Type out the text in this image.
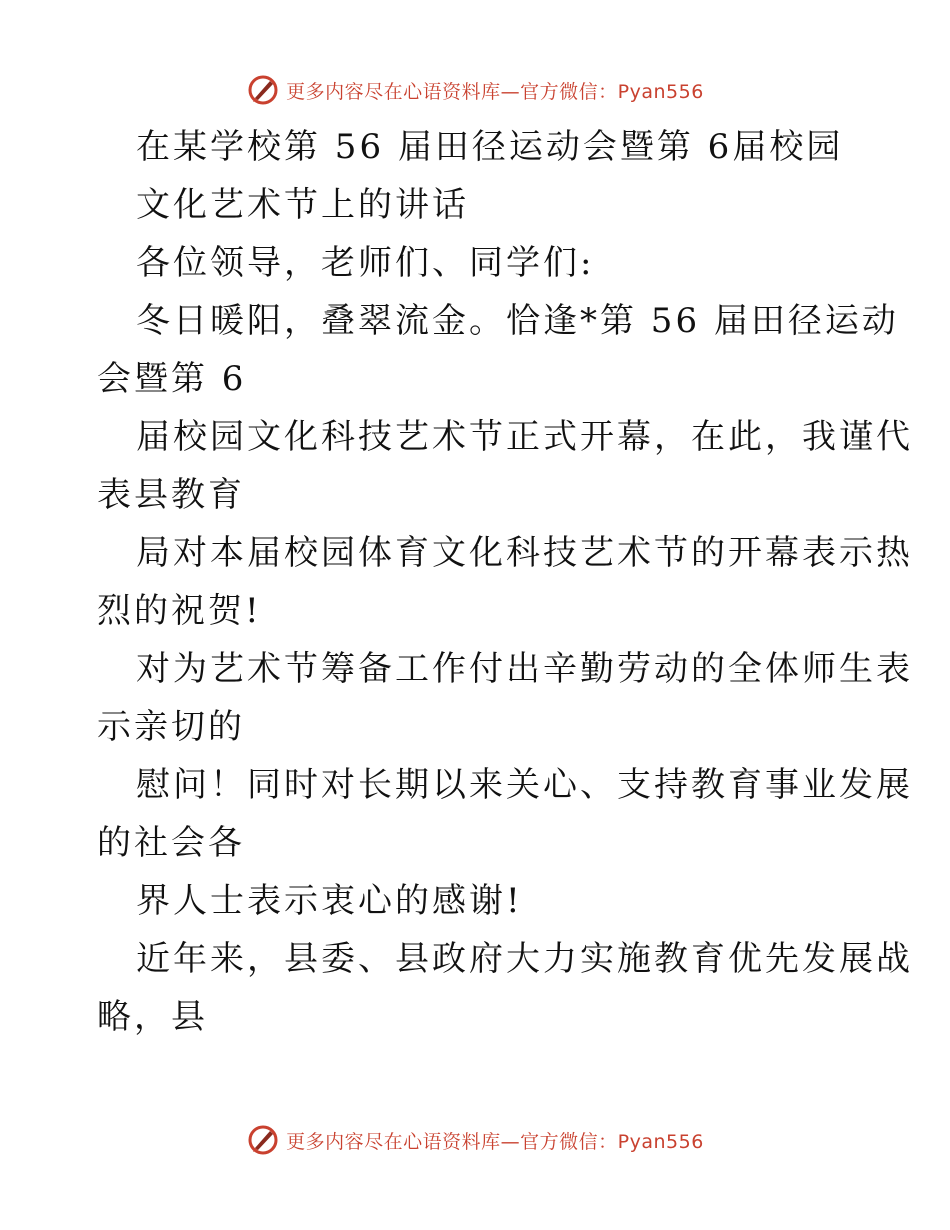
更多内容尽在心语资料库—官方微信：Pyan556
在某学校第 56 届田径运动会暨第 6届校园
文化艺术节上的讲话
各位领导，老师们、同学们:
冬日暖阳，叠翠流金。恰逢*第 56 届田径运动
会暨第 6
届校园文化科技艺术节正式开幕，在此，我谨代
表县教育
局对本届校园体育文化科技艺术节的开幕表示热
烈的祝贺!
对为艺术节筹备工作付出辛勤劳动的全体师生表
示亲切的
慰问！同时对长期以来关心、支持教育事业发展
的社会各
界人士表示衷心的感谢!
近年来，县委、县政府大力实施教育优先发展战
略，县
更多内容尽在心语资料库—官方微信：Pyan556
